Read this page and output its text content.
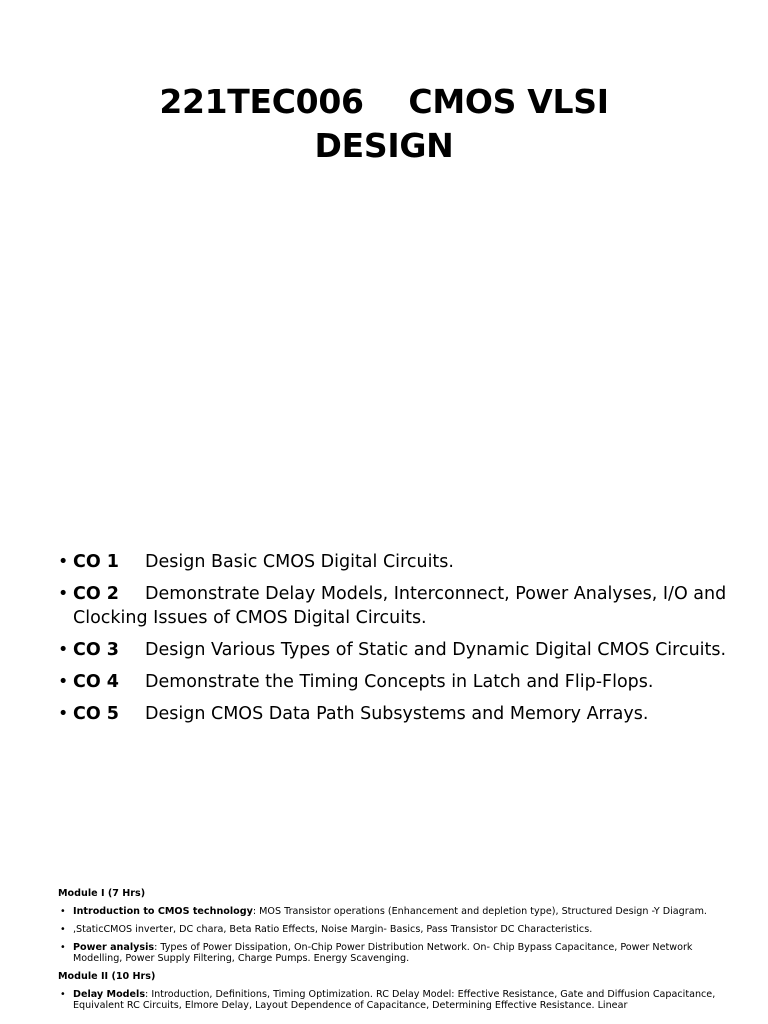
221TEC006    CMOS VLSI
DESIGN
• CO 1 Design Basic CMOS Digital Circuits.
• CO 2 Demonstrate Delay Models, Interconnect, Power Analyses, I/O and Clocking Issues of CMOS Digital Circuits.
• CO 3 Design Various Types of Static and Dynamic Digital CMOS Circuits.
• CO 4 Demonstrate the Timing Concepts in Latch and Flip-Flops.
• CO 5 Design CMOS Data Path Subsystems and Memory Arrays.
Module I (7 Hrs)
• Introduction to CMOS technology: MOS Transistor operations (Enhancement and depletion type), Structured Design -Y Diagram.
• ,StaticCMOS inverter, DC chara, Beta Ratio Effects, Noise Margin- Basics, Pass Transistor DC Characteristics.
• Power analysis: Types of Power Dissipation, On-Chip Power Distribution Network. On- Chip Bypass Capacitance, Power Network Modelling, Power Supply Filtering, Charge Pumps. Energy Scavenging.
Module II (10 Hrs)
• Delay Models: Introduction, Definitions, Timing Optimization. RC Delay Model: Effective Resistance, Gate and Diffusion Capacitance, Equivalent RC Circuits, Elmore Delay, Layout Dependence of Capacitance, Determining Effective Resistance. Linear
